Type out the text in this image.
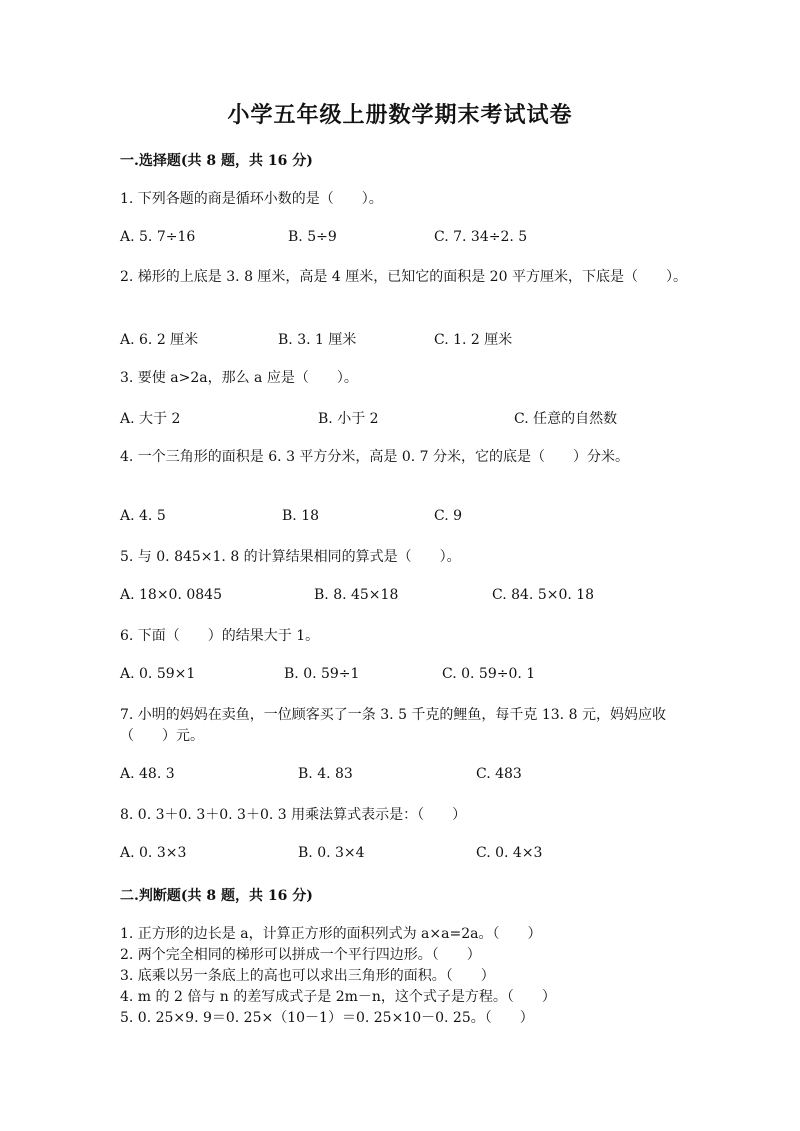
小学五年级上册数学期末考试试卷
一.选择题(共 8 题，共 16 分)
1. 下列各题的商是循环小数的是（　　）。
A. 5. 7÷16	B. 5÷9	C. 7. 34÷2. 5
2. 梯形的上底是 3. 8 厘米，高是 4 厘米，已知它的面积是 20 平方厘米，下底是（　　）。
A. 6. 2 厘米	B. 3. 1 厘米	C. 1. 2 厘米
3. 要使 a>2a，那么 a 应是（　　）。
A. 大于 2	B. 小于 2	C. 任意的自然数
4. 一个三角形的面积是 6. 3 平方分米，高是 0. 7 分米，它的底是（　　）分米。
A. 4. 5	B. 18	C. 9
5. 与 0. 845×1. 8 的计算结果相同的算式是（　　）。
A. 18×0. 0845	B. 8. 45×18	C. 84. 5×0. 18
6. 下面（　　）的结果大于 1。
A. 0. 59×1	B. 0. 59÷1	C. 0. 59÷0. 1
7. 小明的妈妈在卖鱼，一位顾客买了一条 3. 5 千克的鲤鱼，每千克 13. 8 元，妈妈应收（　　）元。
A. 48. 3	B. 4. 83	C. 483
8. 0. 3＋0. 3＋0. 3＋0. 3 用乘法算式表示是：（　　）
A. 0. 3×3	B. 0. 3×4	C. 0. 4×3
二.判断题(共 8 题，共 16 分)
1. 正方形的边长是 a，计算正方形的面积列式为 a×a=2a。（　　）
2. 两个完全相同的梯形可以拼成一个平行四边形。（　　）
3. 底乘以另一条底上的高也可以求出三角形的面积。（　　）
4. m 的 2 倍与 n 的差写成式子是 2m－n，这个式子是方程。（　　）
5. 0. 25×9. 9＝0. 25×（10－1）＝0. 25×10－0. 25。（　　）
